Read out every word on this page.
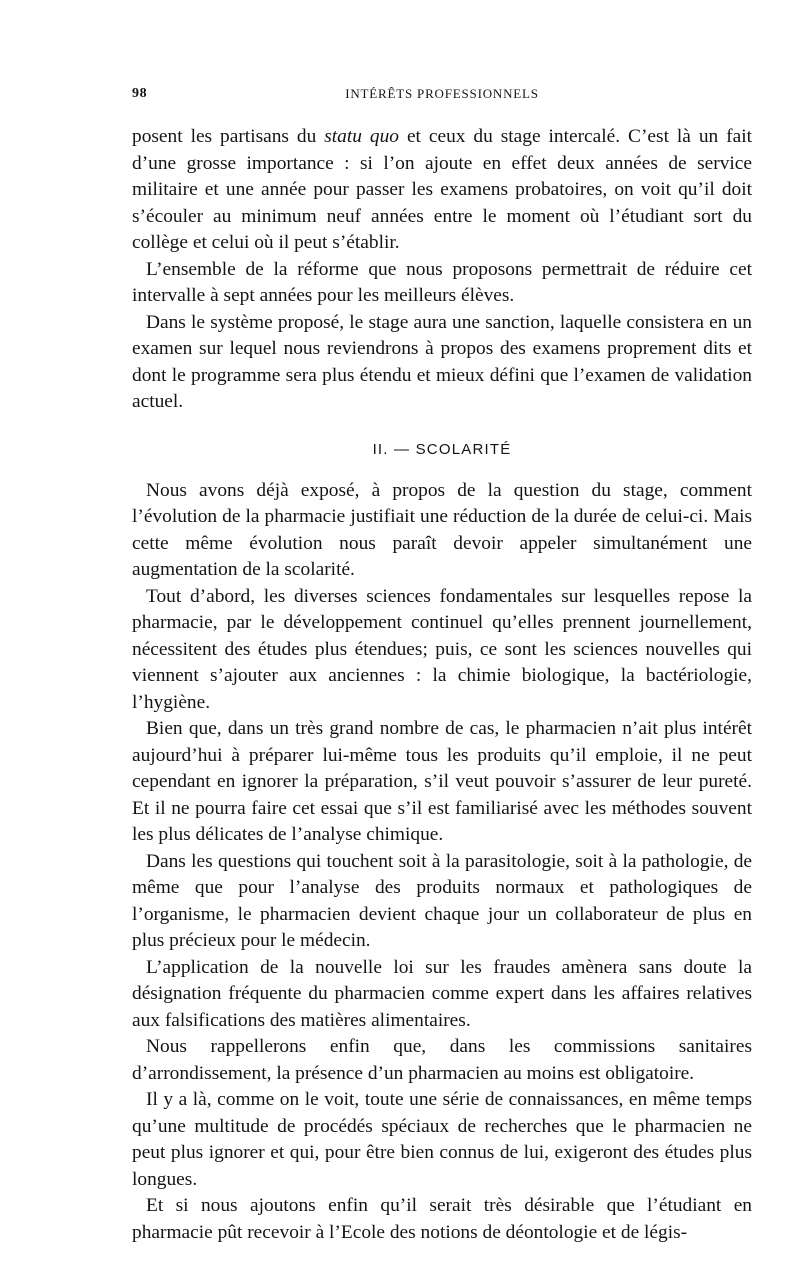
98	INTÉRÊTS PROFESSIONNELS

posent les partisans du statu quo et ceux du stage intercalé. C’est là un fait d’une grosse importance : si l’on ajoute en effet deux années de service militaire et une année pour passer les examens probatoires, on voit qu’il doit s’écouler au minimum neuf années entre le moment où l’étudiant sort du collège et celui où il peut s’établir.

L’ensemble de la réforme que nous proposons permettrait de réduire cet intervalle à sept années pour les meilleurs élèves.

Dans le système proposé, le stage aura une sanction, laquelle consistera en un examen sur lequel nous reviendrons à propos des examens proprement dits et dont le programme sera plus étendu et mieux défini que l’examen de validation actuel.

II. — SCOLARITÉ

Nous avons déjà exposé, à propos de la question du stage, comment l’évolution de la pharmacie justifiait une réduction de la durée de celui-ci. Mais cette même évolution nous paraît devoir appeler simultanément une augmentation de la scolarité.

Tout d’abord, les diverses sciences fondamentales sur lesquelles repose la pharmacie, par le développement continuel qu’elles prennent journellement, nécessitent des études plus étendues; puis, ce sont les sciences nouvelles qui viennent s’ajouter aux anciennes : la chimie biologique, la bactériologie, l’hygiène.

Bien que, dans un très grand nombre de cas, le pharmacien n’ait plus intérêt aujourd’hui à préparer lui-même tous les produits qu’il emploie, il ne peut cependant en ignorer la préparation, s’il veut pouvoir s’assurer de leur pureté. Et il ne pourra faire cet essai que s’il est familiarisé avec les méthodes souvent les plus délicates de l’analyse chimique.

Dans les questions qui touchent soit à la parasitologie, soit à la pathologie, de même que pour l’analyse des produits normaux et pathologiques de l’organisme, le pharmacien devient chaque jour un collaborateur de plus en plus précieux pour le médecin.

L’application de la nouvelle loi sur les fraudes amènera sans doute la désignation fréquente du pharmacien comme expert dans les affaires relatives aux falsifications des matières alimentaires.

Nous rappellerons enfin que, dans les commissions sanitaires d’arrondissement, la présence d’un pharmacien au moins est obligatoire.

Il y a là, comme on le voit, toute une série de connaissances, en même temps qu’une multitude de procédés spéciaux de recherches que le pharmacien ne peut plus ignorer et qui, pour être bien connus de lui, exigeront des études plus longues.

Et si nous ajoutons enfin qu’il serait très désirable que l’étudiant en pharmacie pût recevoir à l’Ecole des notions de déontologie et de légis-
